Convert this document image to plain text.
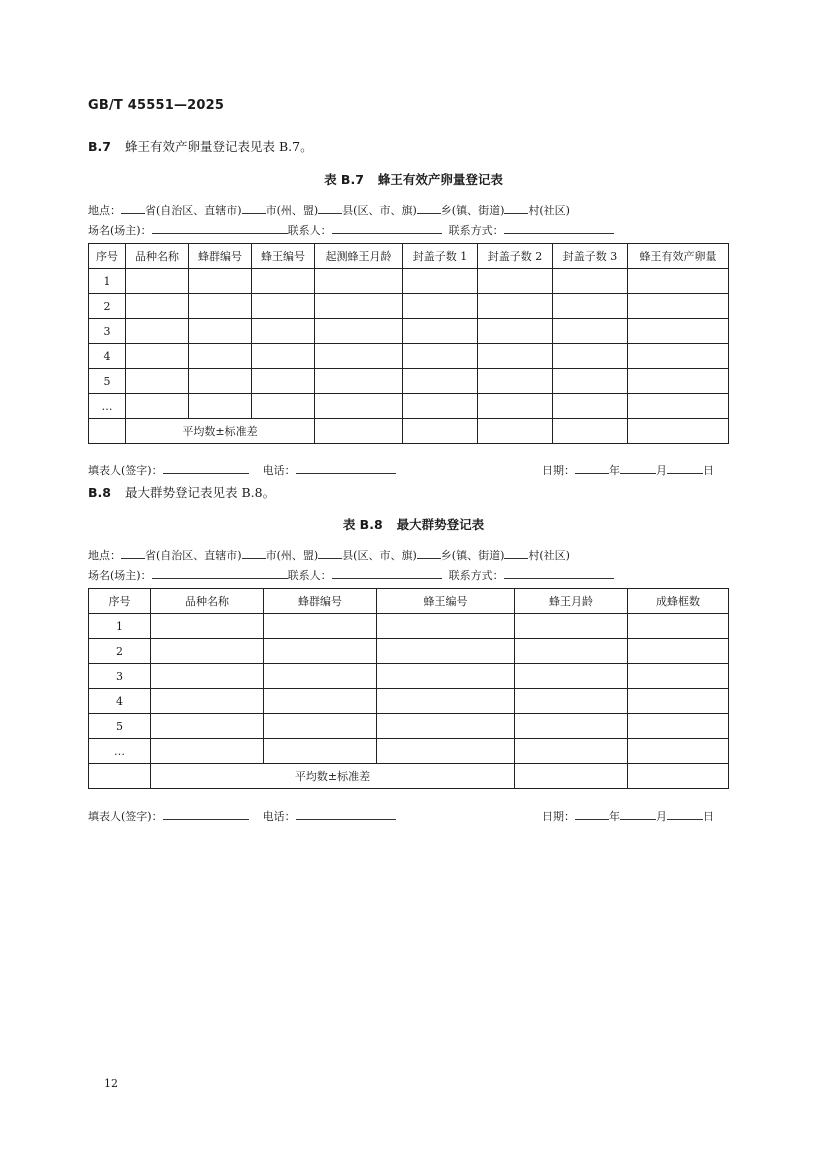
GB/T 45551—2025
B.7 蜂王有效产卵量登记表见表 B.7。
表 B.7 蜂王有效产卵量登记表
地点： 省(自治区、直辖市) 市(州、盟) 县(区、市、旗) 乡(镇、街道) 村(社区)
场名(场主)：	联系人：	联系方式：
序号	品种名称	蜂群编号	蜂王编号	起测蜂王月龄	封盖子数 1	封盖子数 2	封盖子数 3	蜂王有效产卵量
1								
2								
3								
4								
5								
…								
	平均数±标准差							
填表人(签字)：	电话：	日期：	年	月	日
B.8 最大群势登记表见表 B.8。
表 B.8 最大群势登记表
地点： 省(自治区、直辖市) 市(州、盟) 县(区、市、旗) 乡(镇、街道) 村(社区)
场名(场主)：	联系人：	联系方式：
序号	品种名称	蜂群编号	蜂王编号	蜂王月龄	成蜂框数
1					
2					
3					
4					
5					
…					
	平均数±标准差				
填表人(签字)：	电话：	日期：	年	月	日
12
